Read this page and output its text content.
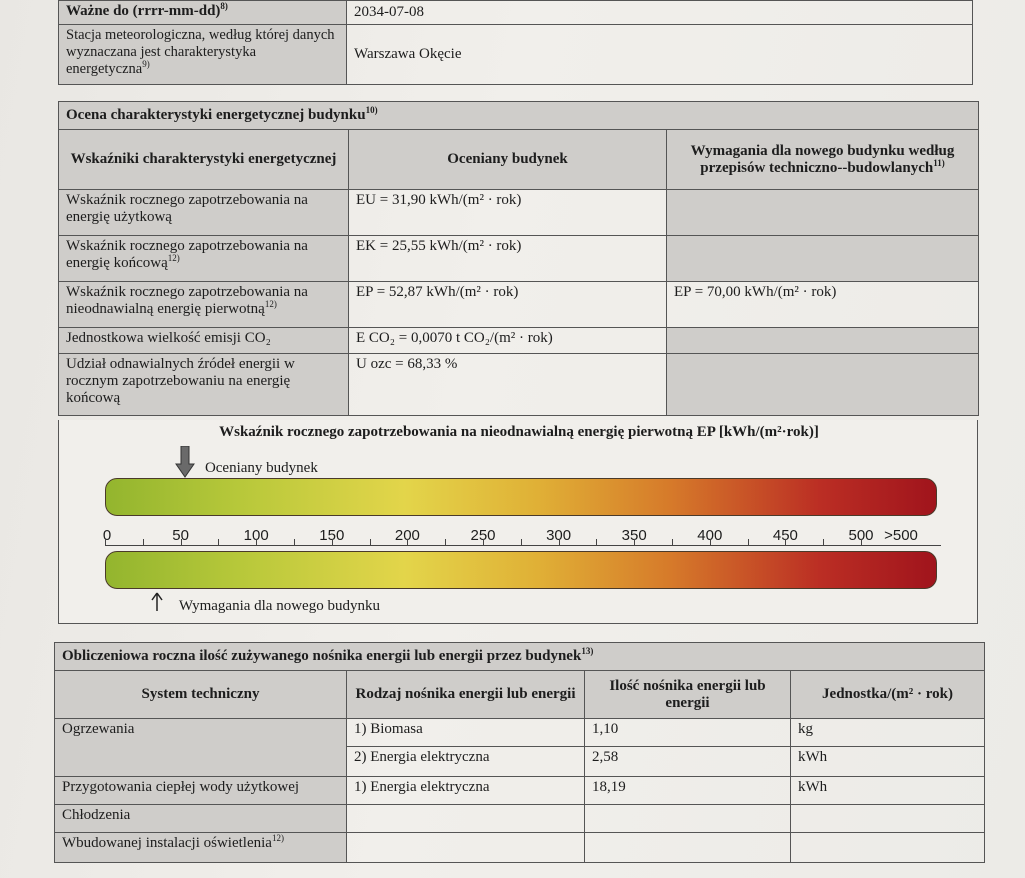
Ważne do (rrrr-mm-dd)$^{8)}$	2034-07-08
Stacja meteorologiczna, według której danych wyznaczana jest charakterystyka energetyczna$^{9)}$	Warszawa Okęcie
Ocena charakterystyki energetycznej budynku$^{10)}$
Wskaźniki charakterystyki energetycznej	Oceniany budynek	Wymagania dla nowego budynku według przepisów techniczno--budowlanych$^{11)}$
Wskaźnik rocznego zapotrzebowania na energię użytkową	EU = 31,90 kWh/(m² · rok)	
Wskaźnik rocznego zapotrzebowania na energię końcową$^{12)}$	EK = 25,55 kWh/(m² · rok)	
Wskaźnik rocznego zapotrzebowania na nieodnawialną energię pierwotną$^{12)}$	EP = 52,87 kWh/(m² · rok)	EP = 70,00 kWh/(m² · rok)
Jednostkowa wielkość emisji CO₂	E CO₂ = 0,0070 t CO₂/(m² · rok)	
Udział odnawialnych źródeł energii w rocznym zapotrzebowaniu na energię końcową	U ozc = 68,33 %	
Wskaźnik rocznego zapotrzebowania na nieodnawialną energię pierwotną EP [kWh/(m²·rok)]
Oceniany budynek
0	50	100	150	200	250	300	350	400	450	500 >500
Wymagania dla nowego budynku
Obliczeniowa roczna ilość zużywanego nośnika energii lub energii przez budynek$^{13)}$
System techniczny	Rodzaj nośnika energii lub energii	Ilość nośnika energii lub energii	Jednostka/(m² · rok)
Ogrzewania	1) Biomasa	1,10	kg
	2) Energia elektryczna	2,58	kWh
Przygotowania ciepłej wody użytkowej	1) Energia elektryczna	18,19	kWh
Chłodzenia			
Wbudowanej instalacji oświetlenia$^{12)}$			
